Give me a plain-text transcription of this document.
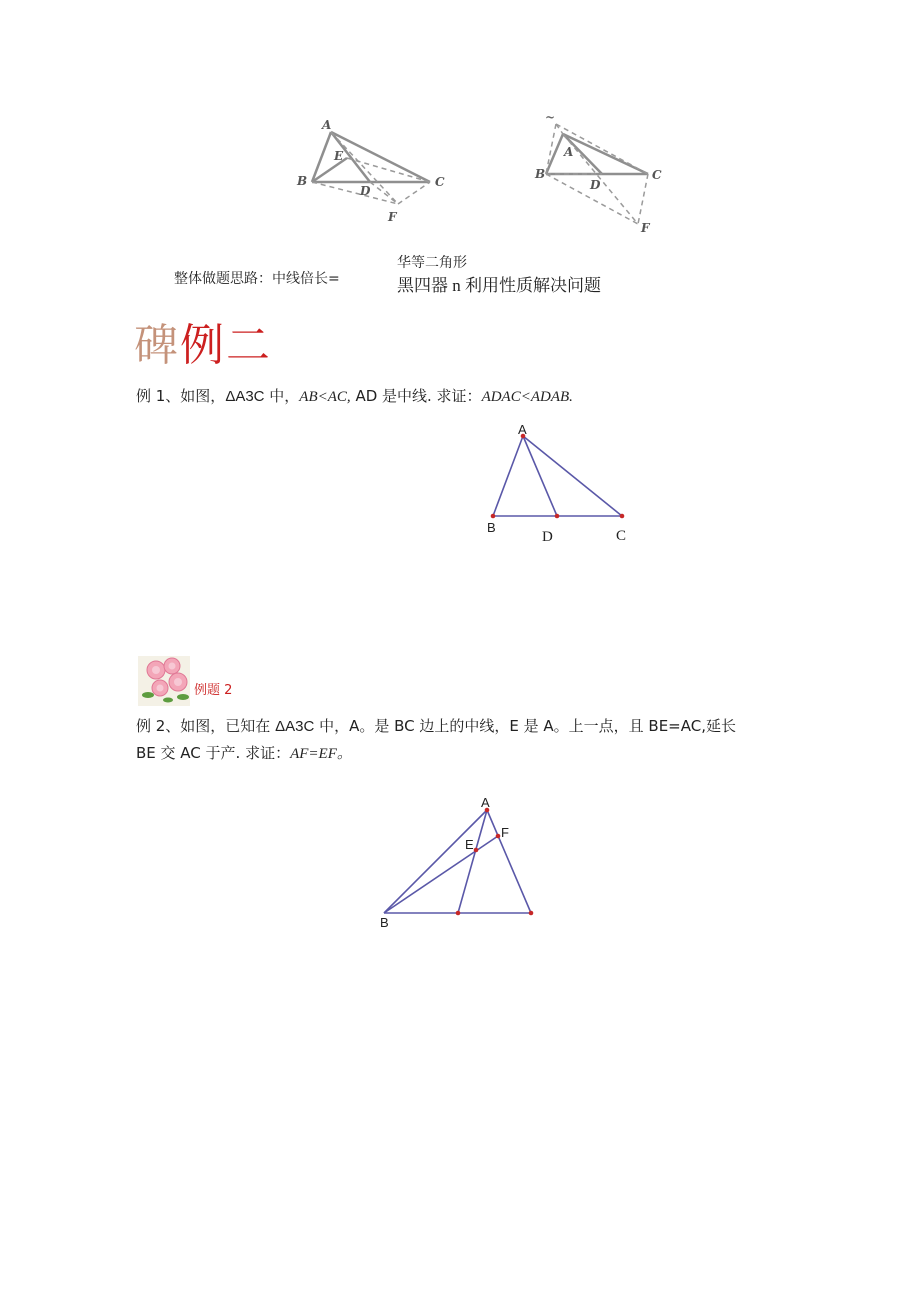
A
E
B
D
C
F
~
A
B
D
C
F
整体做题思路：中线倍长=
华等二角形
黑四器 n 利用性质解决问题
碑例二
例 1、如图，ΔA3C 中，AB<AC, AD 是中线. 求证：ADAC<ADAB.
A
B
D	C
例题 2
例 2、如图，已知在 ΔA3C 中，A。是 BC 边上的中线，E 是 A。上一点，且 BE=AC,延长
BE 交 AC 于产. 求证：AF=EF。
A
F
E
B
